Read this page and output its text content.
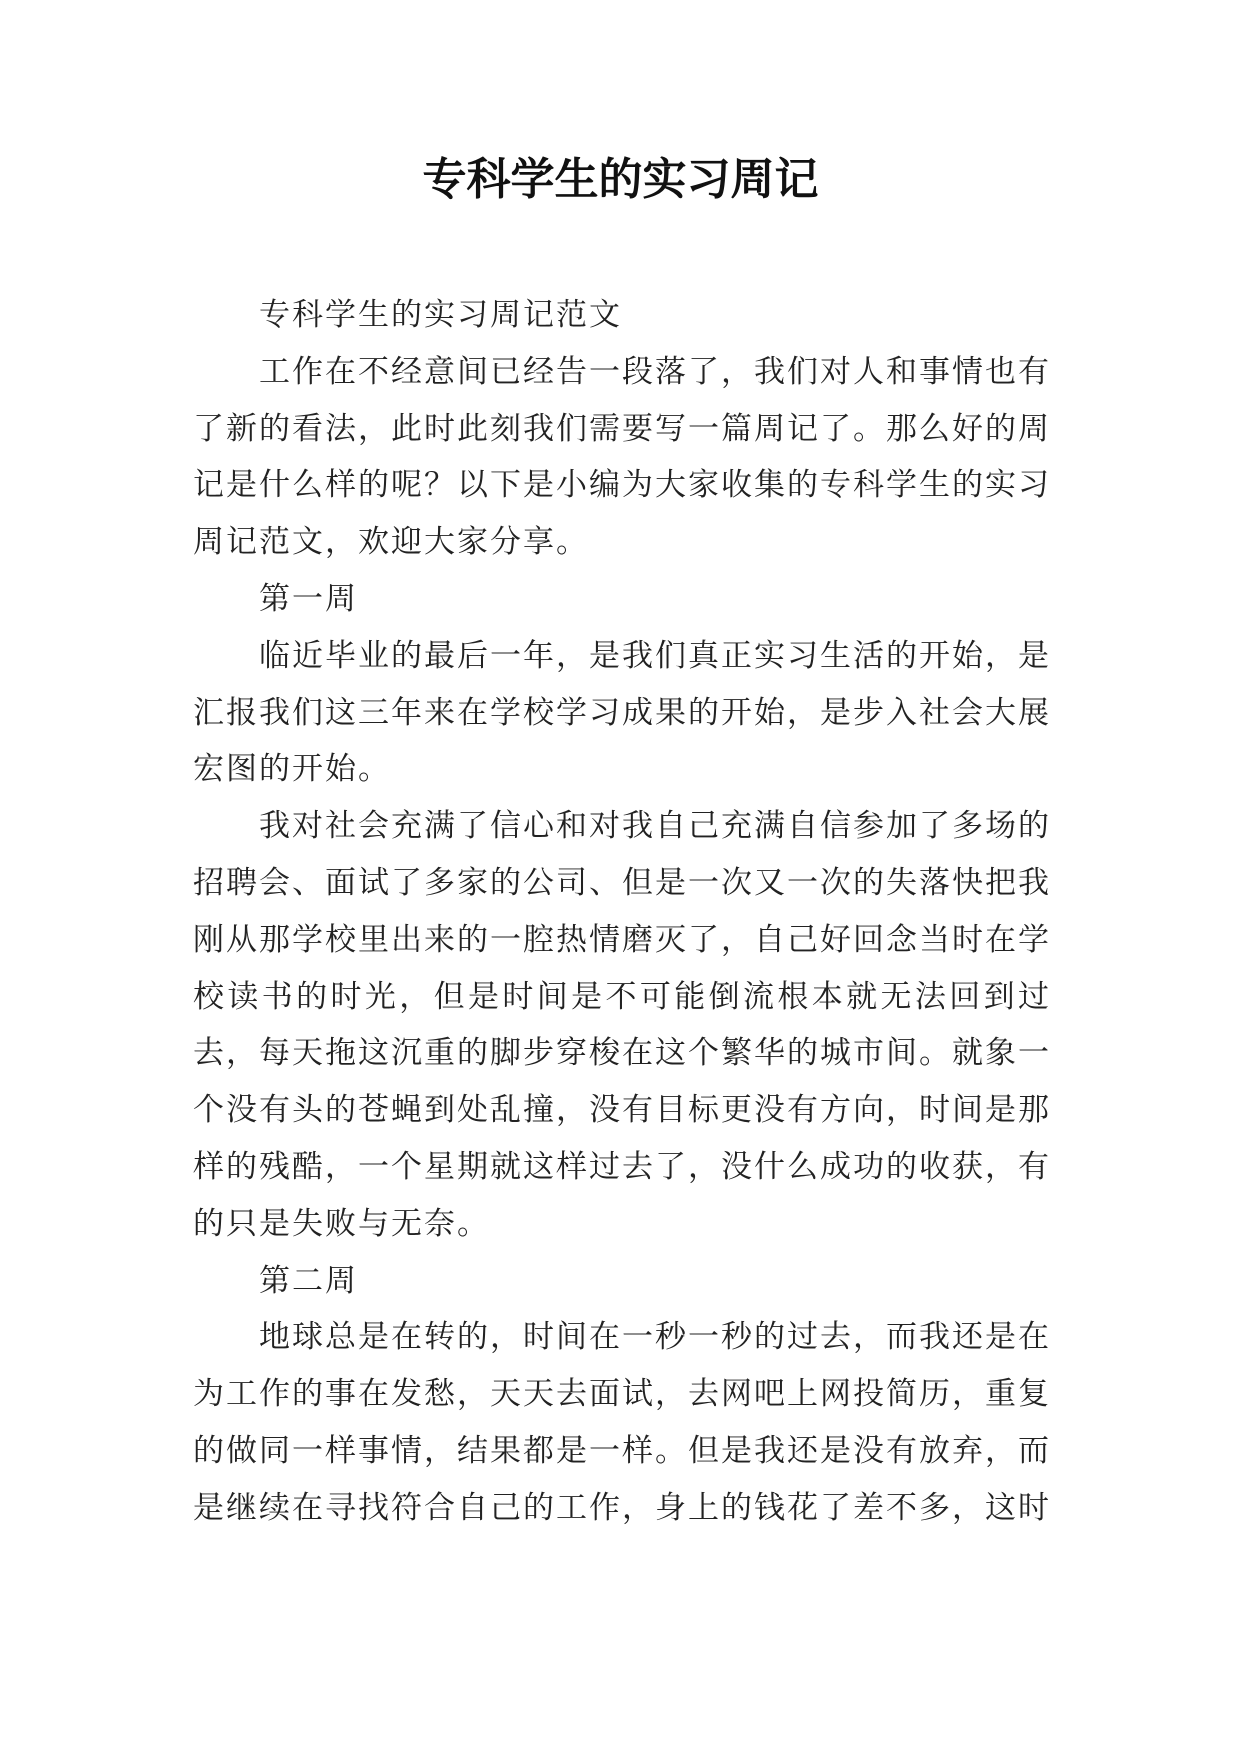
专科学生的实习周记

专科学生的实习周记范文

工作在不经意间已经告一段落了，我们对人和事情也有了新的看法，此时此刻我们需要写一篇周记了。那么好的周记是什么样的呢？以下是小编为大家收集的专科学生的实习周记范文，欢迎大家分享。

第一周

临近毕业的最后一年，是我们真正实习生活的开始，是汇报我们这三年来在学校学习成果的开始，是步入社会大展宏图的开始。

我对社会充满了信心和对我自己充满自信参加了多场的招聘会、面试了多家的公司、但是一次又一次的失落快把我刚从那学校里出来的一腔热情磨灭了，自己好回念当时在学校读书的时光，但是时间是不可能倒流根本就无法回到过去，每天拖这沉重的脚步穿梭在这个繁华的城市间。就象一个没有头的苍蝇到处乱撞，没有目标更没有方向，时间是那样的残酷，一个星期就这样过去了，没什么成功的收获，有的只是失败与无奈。

第二周

地球总是在转的，时间在一秒一秒的过去，而我还是在为工作的事在发愁，天天去面试，去网吧上网投简历，重复的做同一样事情，结果都是一样。但是我还是没有放弃，而是继续在寻找符合自己的工作，身上的钱花了差不多，这时
